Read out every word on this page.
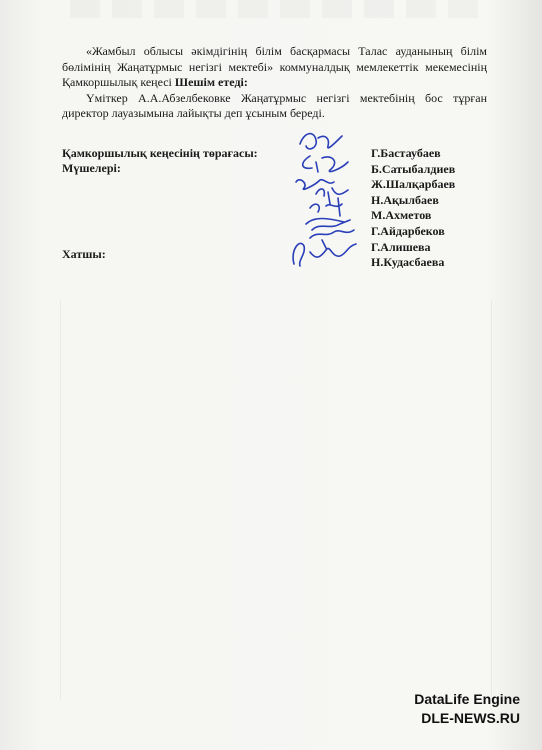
«Жамбыл облысы әкімдігінің білім басқармасы Талас ауданының білім бөлімінің Жаңатұрмыс негізгі мектебі» коммуналдық мемлекеттік мекемесінің Қамкоршылық кеңесі Шешім етеді:

Үміткер А.А.Абзелбековке Жаңатұрмыс негізгі мектебінің бос тұрған директор лауазымына лайықты деп ұсыным береді.

Қамкоршылық кеңесінің төрағасы:
Мүшелері:
Хатшы:
Г.Бастаубаев
Б.Сатыбалдиев
Ж.Шалқарбаев
Н.Ақылбаев
М.Ахметов
Г.Айдарбеков
Г.Алишева
Н.Кудасбаева
DataLife Engine
DLE-NEWS.RU
